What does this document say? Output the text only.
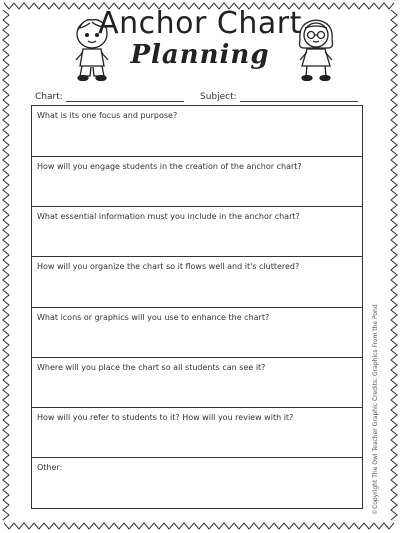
Anchor Chart
Planning
Chart:	Subject:
What is its one focus and purpose?
How will you engage students in the creation of the anchor chart?
What essential information must you include in the anchor chart?
How will you organize the chart so it flows well and it's cluttered?
What icons or graphics will you use to enhance the chart?
Where will you place the chart so all students can see it?
How will you refer to students to it? How will you review with it?
Other:	©Copyright The Owl Teacher Graphic Credits: Graphics From the Pond
